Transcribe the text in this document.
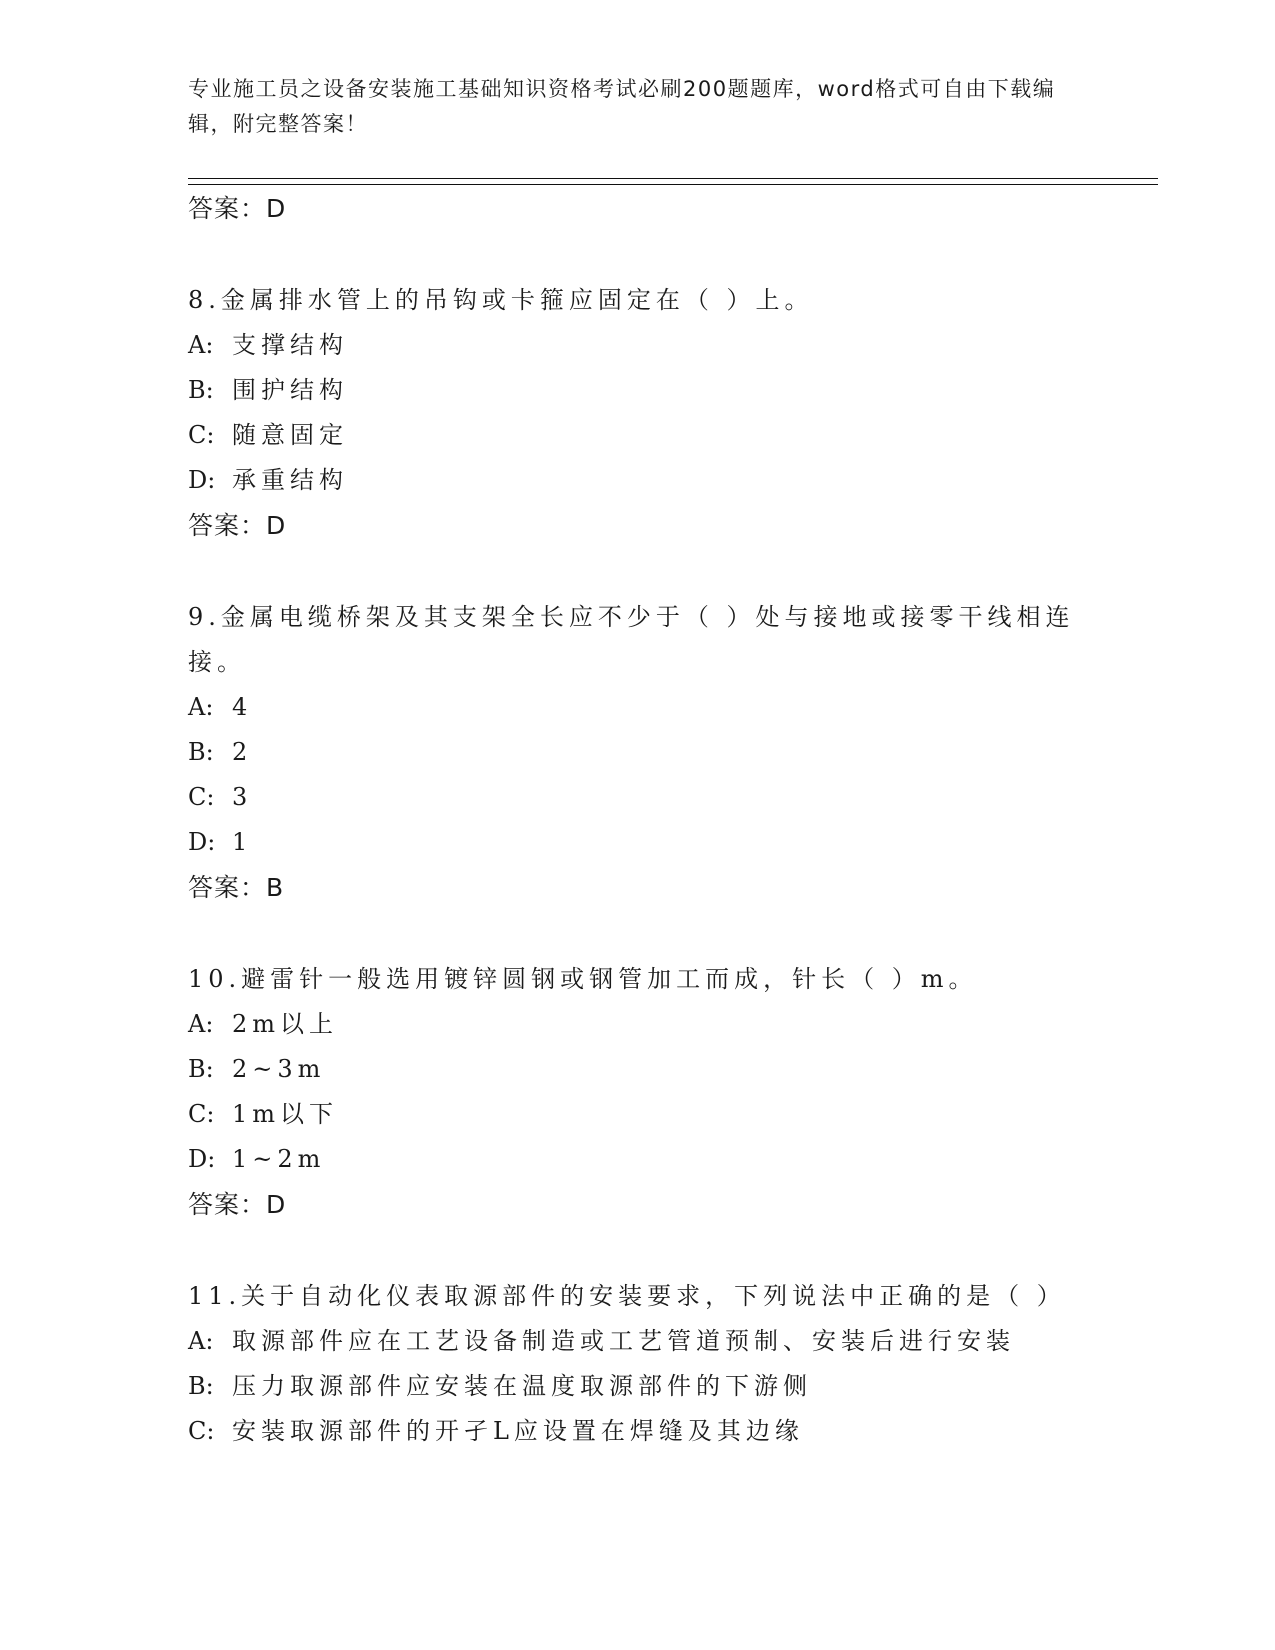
专业施工员之设备安装施工基础知识资格考试必刷200题题库，word格式可自由下载编辑，附完整答案！
答案：D
8.金属排水管上的吊钩或卡箍应固定在（ ）上。
A: 支撑结构
B: 围护结构
C: 随意固定
D: 承重结构
答案：D
9.金属电缆桥架及其支架全长应不少于（ ）处与接地或接零干线相连接。
A: 4
B: 2
C: 3
D: 1
答案：B
10.避雷针一般选用镀锌圆钢或钢管加工而成，针长（ ）m。
A: 2m以上
B: 2~3m
C: 1m以下
D: 1~2m
答案：D
11.关于自动化仪表取源部件的安装要求，下列说法中正确的是（ ）
A: 取源部件应在工艺设备制造或工艺管道预制、安装后进行安装
B: 压力取源部件应安装在温度取源部件的下游侧
C: 安装取源部件的开孑L应设置在焊缝及其边缘
